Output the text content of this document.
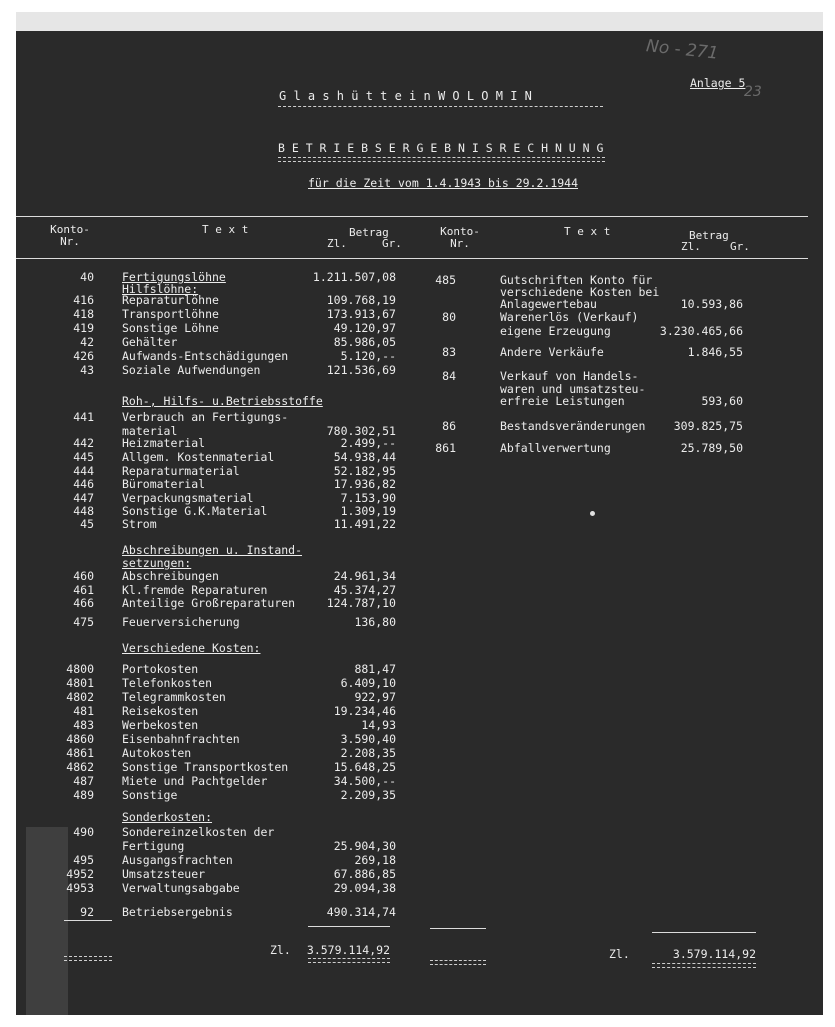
No - 271
23
Anlage 5
G l a s h ü t t e i n W O L O M I N
B E T R I E B S E R G E B N I S R E C H N U N G
für die Zeit vom 1.4.1943 bis 29.2.1944
Konto-
Nr.
T e x t	Betrag
Zl.	Gr.
Konto-
Nr.
T e x t	Betrag
Zl.	Gr.
40 Fertigungslöhne	1.211.507,08
Hilfslöhne:
416 Reparaturlöhne	109.768,19
418 Transportlöhne	173.913,67
419 Sonstige Löhne	49.120,97
42 Gehälter	85.986,05
426 Aufwands-Entschädigungen	5.120,--
43 Soziale Aufwendungen	121.536,69
Roh-, Hilfs- u.Betriebsstoffe
441 Verbrauch an Fertigungs-
material	780.302,51
442 Heizmaterial	2.499,--
445 Allgem. Kostenmaterial	54.938,44
444 Reparaturmaterial	52.182,95
446 Büromaterial	17.936,82
447 Verpackungsmaterial	7.153,90
448 Sonstige G.K.Material	1.309,19
45 Strom	11.491,22
Abschreibungen u. Instand-
setzungen:
460 Abschreibungen	24.961,34
461 Kl.fremde Reparaturen	45.374,27
466 Anteilige Großreparaturen	124.787,10
475 Feuerversicherung	136,80
Verschiedene Kosten:
4800 Portokosten	881,47
4801 Telefonkosten	6.409,10
4802 Telegrammkosten	922,97
481 Reisekosten	19.234,46
483 Werbekosten	14,93
4860 Eisenbahnfrachten	3.590,40
4861 Autokosten	2.208,35
4862 Sonstige Transportkosten	15.648,25
487 Miete und Pachtgelder	34.500,--
489 Sonstige	2.209,35
Sonderkosten:
490 Sondereinzelkosten der
Fertigung	25.904,30
495 Ausgangsfrachten	269,18
4952 Umsatzsteuer	67.886,85
4953 Verwaltungsabgabe	29.094,38
92 Betriebsergebnis	490.314,74
485	Gutschriften Konto für
verschiedene Kosten bei
Anlagewertebau	10.593,86
80	Warenerlös (Verkauf)
eigene Erzeugung	3.230.465,66
83	Andere Verkäufe	1.846,55
84	Verkauf von Handels-
waren und umsatzsteu-
erfreie Leistungen	593,60
86	Bestandsveränderungen	309.825,75
861	Abfallverwertung	25.789,50
Zl.	3.579.114,92	Zl.	3.579.114,92
